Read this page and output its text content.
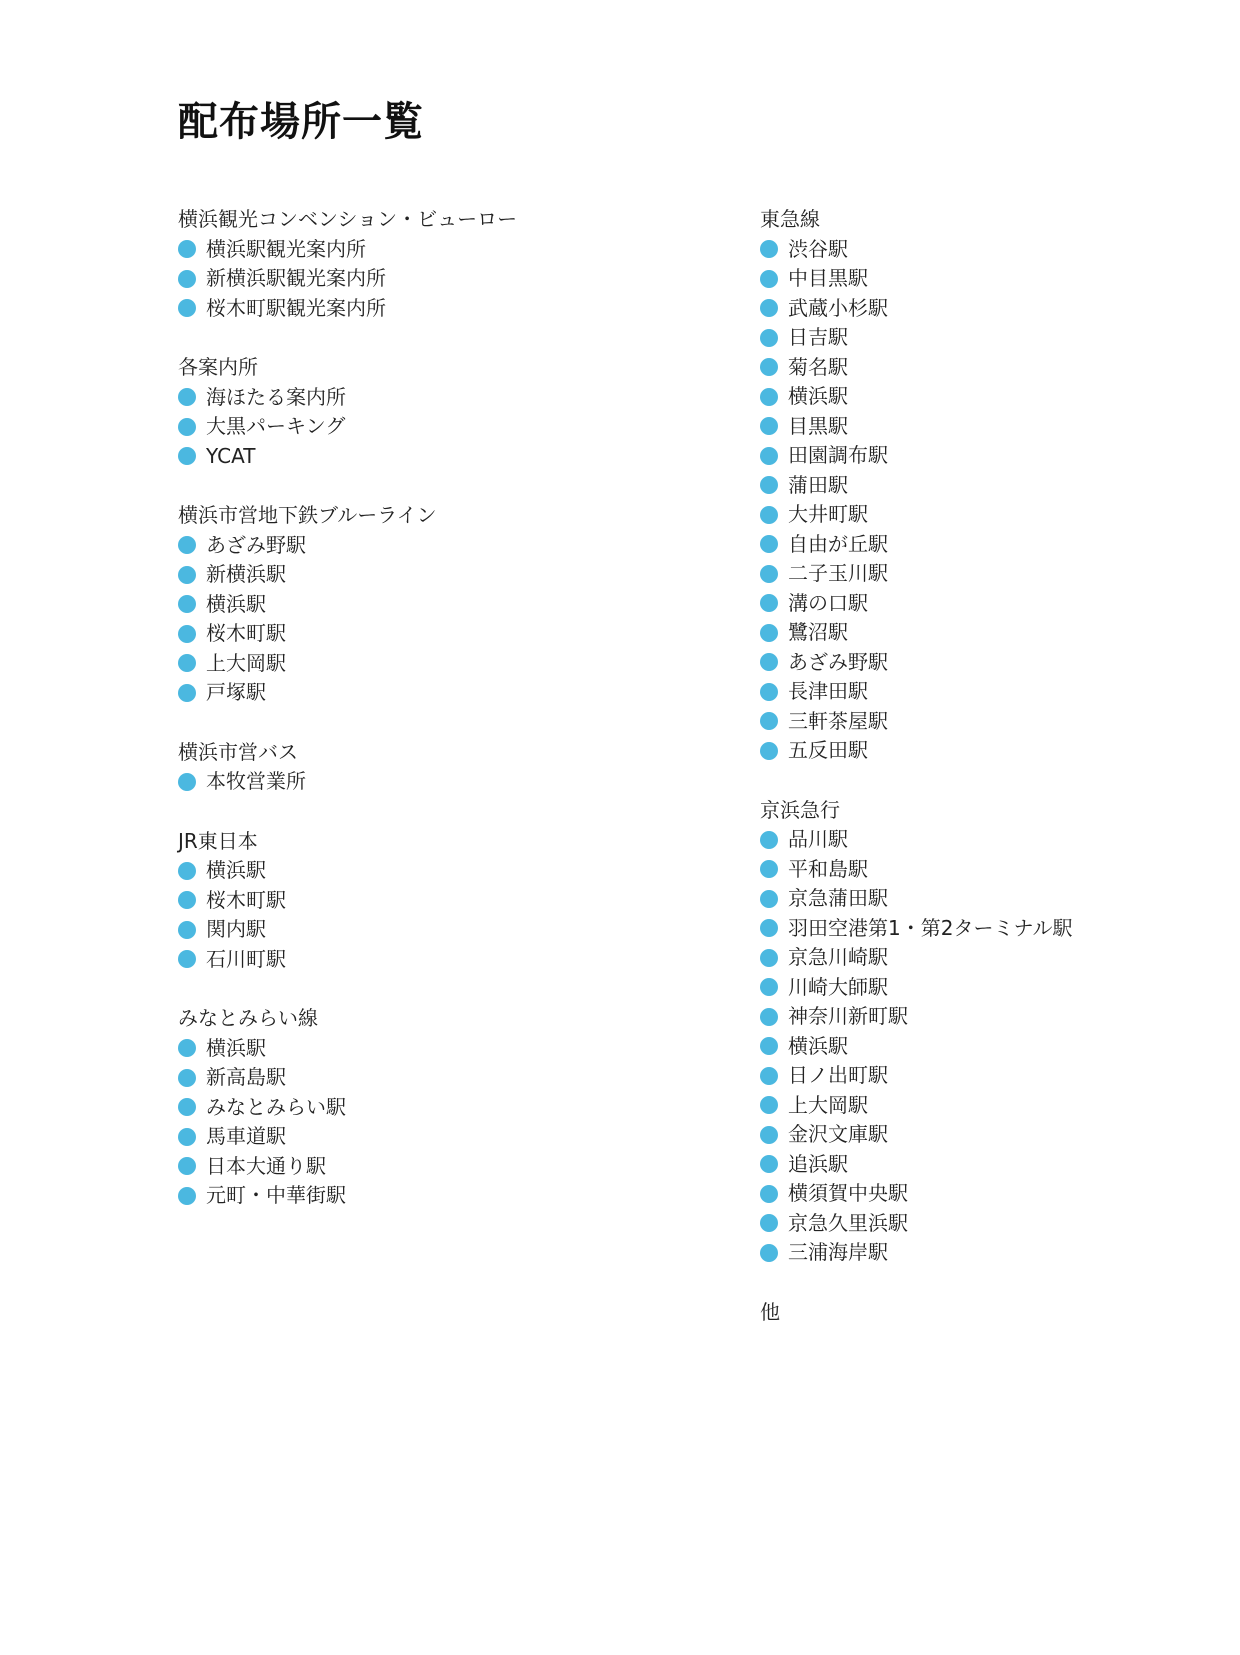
配布場所一覧
横浜観光コンベンション・ビューロー
横浜駅観光案内所
新横浜駅観光案内所
桜木町駅観光案内所
各案内所
海ほたる案内所
大黒パーキング
YCAT
横浜市営地下鉄ブルーライン
あざみ野駅
新横浜駅
横浜駅
桜木町駅
上大岡駅
戸塚駅
横浜市営バス
本牧営業所
JR東日本
横浜駅
桜木町駅
関内駅
石川町駅
みなとみらい線
横浜駅
新高島駅
みなとみらい駅
馬車道駅
日本大通り駅
元町・中華街駅
東急線
渋谷駅
中目黒駅
武蔵小杉駅
日吉駅
菊名駅
横浜駅
目黒駅
田園調布駅
蒲田駅
大井町駅
自由が丘駅
二子玉川駅
溝の口駅
鷺沼駅
あざみ野駅
長津田駅
三軒茶屋駅
五反田駅
京浜急行
品川駅
平和島駅
京急蒲田駅
羽田空港第1・第2ターミナル駅
京急川崎駅
川崎大師駅
神奈川新町駅
横浜駅
日ノ出町駅
上大岡駅
金沢文庫駅
追浜駅
横須賀中央駅
京急久里浜駅
三浦海岸駅
他
